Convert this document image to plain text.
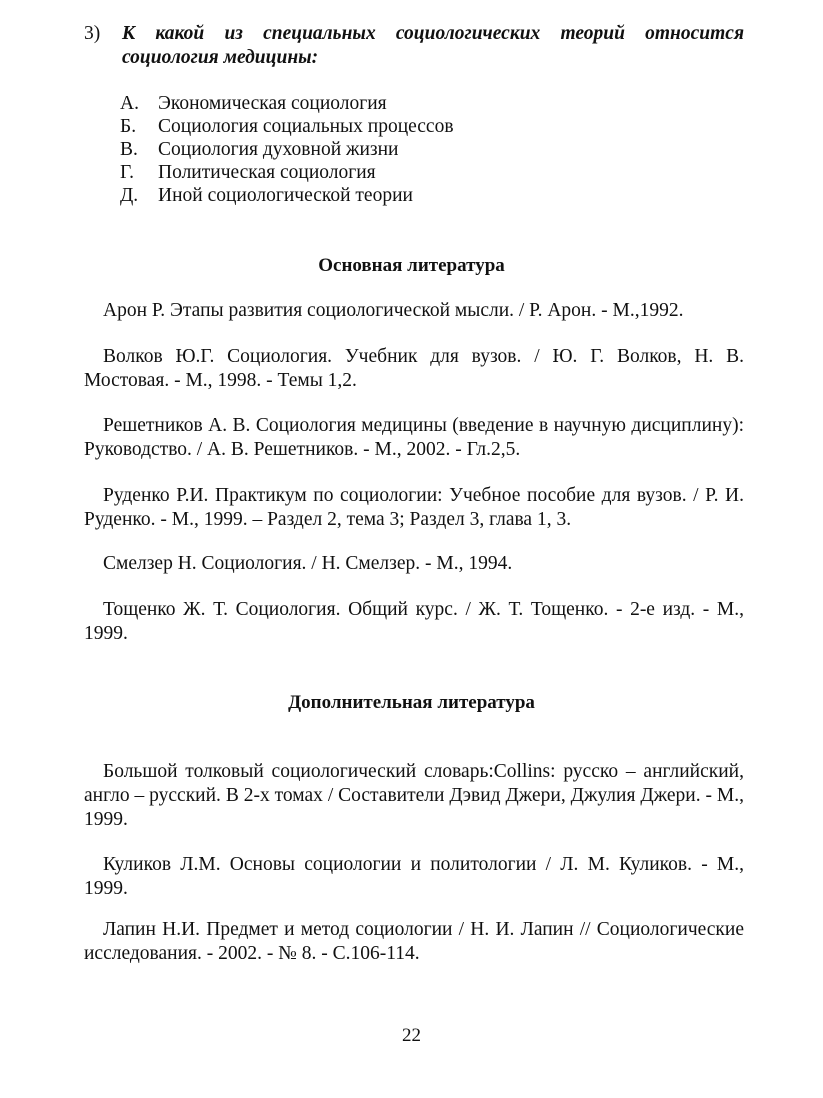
3) К какой из специальных социологических теорий относится социология медицины:
А. Экономическая социология
Б.	Социология социальных процессов
В.	Социология духовной жизни
Г.	Политическая социология
Д.	Иной социологической теории
Основная литература

Арон Р. Этапы развития социологической мысли. / Р. Арон. - М.,1992.

Волков Ю.Г. Социология. Учебник для вузов. / Ю. Г. Волков, Н. В. Мостовая. - М., 1998. - Темы 1,2.

Решетников А. В. Социология медицины (введение в научную дисциплину): Руководство. / А. В. Решетников. - М., 2002. - Гл.2,5.

Руденко Р.И. Практикум по социологии: Учебное пособие для вузов. / Р. И. Руденко. - М., 1999. – Раздел 2, тема 3; Раздел 3, глава 1, 3.

Смелзер Н. Социология. / Н. Смелзер. - М., 1994.

Тощенко Ж. Т. Социология. Общий курс. / Ж. Т. Тощенко. - 2-е изд. - М., 1999.

Дополнительная литература

Большой толковый социологический словарь:Collins: русско – английский, англо – русский. В 2-х томах / Составители Дэвид Джери, Джулия Джери. - М., 1999.

Куликов Л.М. Основы социологии и политологии / Л. М. Куликов. - М., 1999.

Лапин Н.И. Предмет и метод социологии / Н. И. Лапин // Социологические исследования. - 2002. - № 8. - С.106-114.

22
